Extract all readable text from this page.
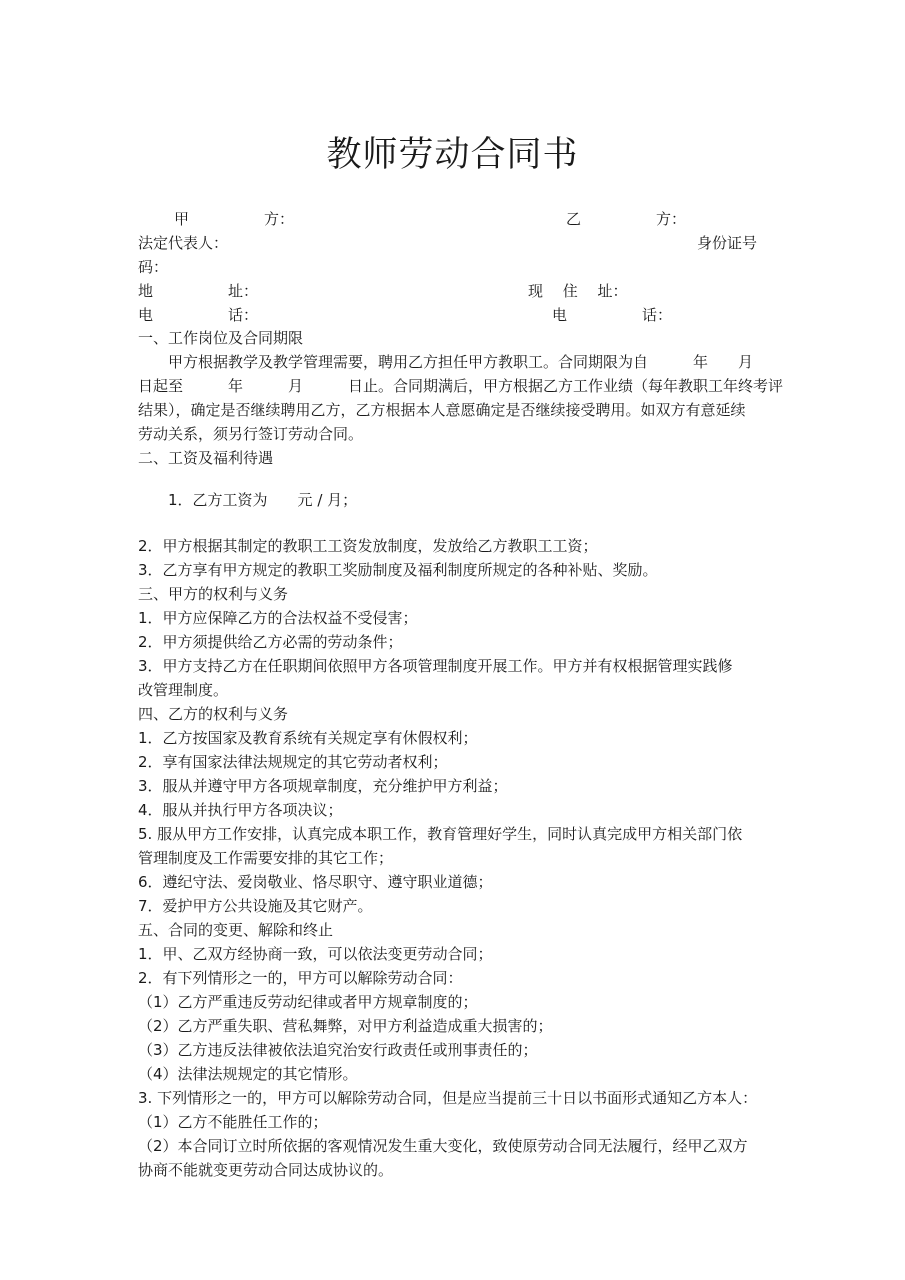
教师劳动合同书
甲　　　　　方：	乙　　　　　方：
法定代表人：	身份证号
码：
地　　　　　址：	现　 住　 址：
电　　　　　话：	电　　　　　话：
一、工作岗位及合同期限
　　甲方根据教学及教学管理需要，聘用乙方担任甲方教职工。合同期限为自　　　年　　月
日起至　　　年　　　月　　　日止。合同期满后，甲方根据乙方工作业绩（每年教职工年终考评
结果），确定是否继续聘用乙方，乙方根据本人意愿确定是否继续接受聘用。如双方有意延续
劳动关系，须另行签订劳动合同。
二、工资及福利待遇
　　1．乙方工资为　　元 / 月；
2．甲方根据其制定的教职工工资发放制度，发放给乙方教职工工资；
3．乙方享有甲方规定的教职工奖励制度及福利制度所规定的各种补贴、奖励。
三、甲方的权利与义务
1．甲方应保障乙方的合法权益不受侵害；
2．甲方须提供给乙方必需的劳动条件；
3．甲方支持乙方在任职期间依照甲方各项管理制度开展工作。甲方并有权根据管理实践修
改管理制度。
四、乙方的权利与义务
1．乙方按国家及教育系统有关规定享有休假权利；
2．享有国家法律法规规定的其它劳动者权利；
3．服从并遵守甲方各项规章制度，充分维护甲方利益；
4．服从并执行甲方各项决议；
5. 服从甲方工作安排，认真完成本职工作，教育管理好学生，同时认真完成甲方相关部门依
管理制度及工作需要安排的其它工作；
6．遵纪守法、爱岗敬业、恪尽职守、遵守职业道德；
7．爱护甲方公共设施及其它财产。
五、合同的变更、解除和终止
1．甲、乙双方经协商一致，可以依法变更劳动合同；
2．有下列情形之一的，甲方可以解除劳动合同：
（1）乙方严重违反劳动纪律或者甲方规章制度的；
（2）乙方严重失职、营私舞弊，对甲方利益造成重大损害的；
（3）乙方违反法律被依法追究治安行政责任或刑事责任的；
（4）法律法规规定的其它情形。
3. 下列情形之一的，甲方可以解除劳动合同，但是应当提前三十日以书面形式通知乙方本人：
（1）乙方不能胜任工作的；
（2）本合同订立时所依据的客观情况发生重大变化，致使原劳动合同无法履行，经甲乙双方
协商不能就变更劳动合同达成协议的。
